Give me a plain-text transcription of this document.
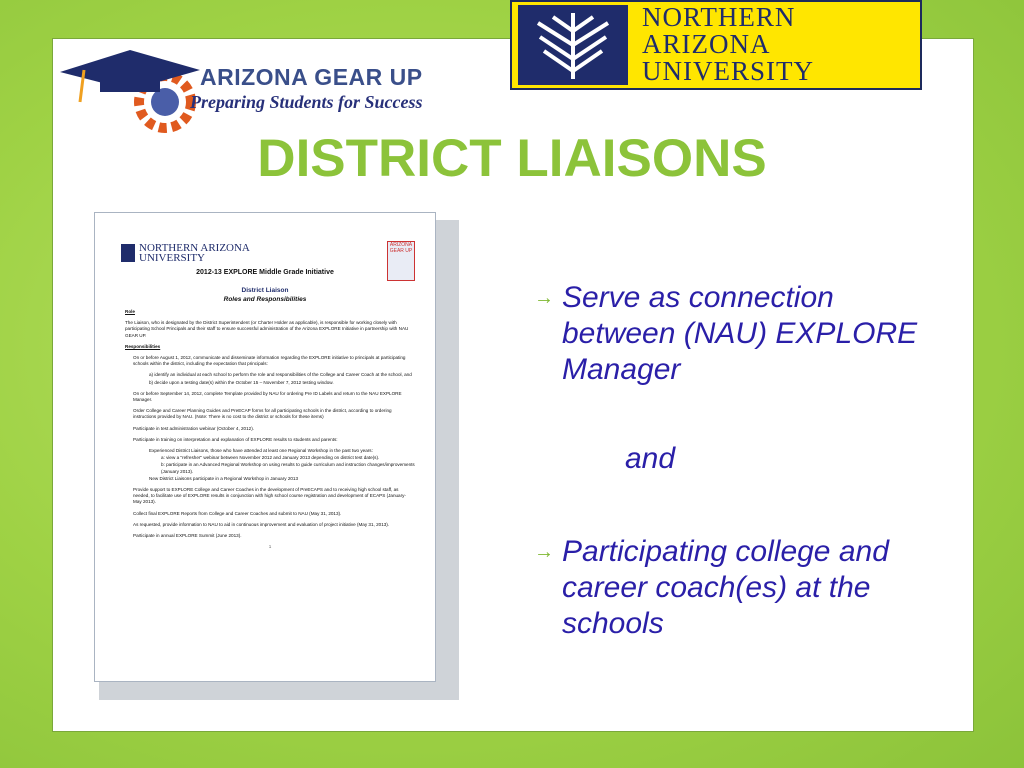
NORTHERN
ARIZONA
UNIVERSITY
ARIZONA GEAR UP
Preparing Students for Success
DISTRICT LIAISONS
NORTHERN ARIZONA
UNIVERSITY
ARIZONA
GEAR UP
2012-13 EXPLORE Middle Grade Initiative
District Liaison
Roles and Responsibilities

Role

The Liaison, who is designated by the District Superintendent (or Charter Holder as applicable), is responsible for working closely with participating School Principals and their staff to ensure successful administration of the Arizona EXPLORE Initiative in partnership with NAU GEAR UP.

Responsibilities

On or before August 1, 2012, communicate and disseminate information regarding the EXPLORE initiative to principals at participating schools within the district, including the expectation that principals:

a) identify an individual at each school to perform the role and responsibilities of the College and Career Coach at the school, and

b) decide upon a testing date(s) within the October 15 – November 7, 2012 testing window.

On or before September 14, 2012, complete Template provided by NAU for ordering Pre ID Labels and return to the NAU EXPLORE Manager.

Order College and Career Planning Guides and PreECAP forms for all participating schools in the district, according to ordering instructions provided by NAU. (Note: There is no cost to the district or schools for these items)

Participate in test administration webinar (October 4, 2012).

Participate in training on interpretation and explanation of EXPLORE results to students and parents:

Experienced District Liaisons, those who have attended at least one Regional Workshop in the past two years:

a: view a "refresher" webinar between November 2012 and January 2013 depending on district test date(s).

b: participate in an Advanced Regional Workshop on using results to guide curriculum and instruction changes/improvements (January 2013).

New District Liaisons participate in a Regional Workshop in January 2013

Provide support to EXPLORE College and Career Coaches in the development of PreECAPS and to receiving high school staff, as needed, to facilitate use of EXPLORE results in conjunction with high school course registration and development of ECAPS (January- May 2013).

Collect final EXPLORE Reports from College and Career Coaches and submit to NAU (May 31, 2013).

As requested, provide information to NAU to aid in continuous improvement and evaluation of project initiative (May 31, 2013).

Participate in annual EXPLORE Summit (June 2013).

1

→ Serve as connection between (NAU) EXPLORE Manager
→ Participating college and career coach(es) at the schools
and
